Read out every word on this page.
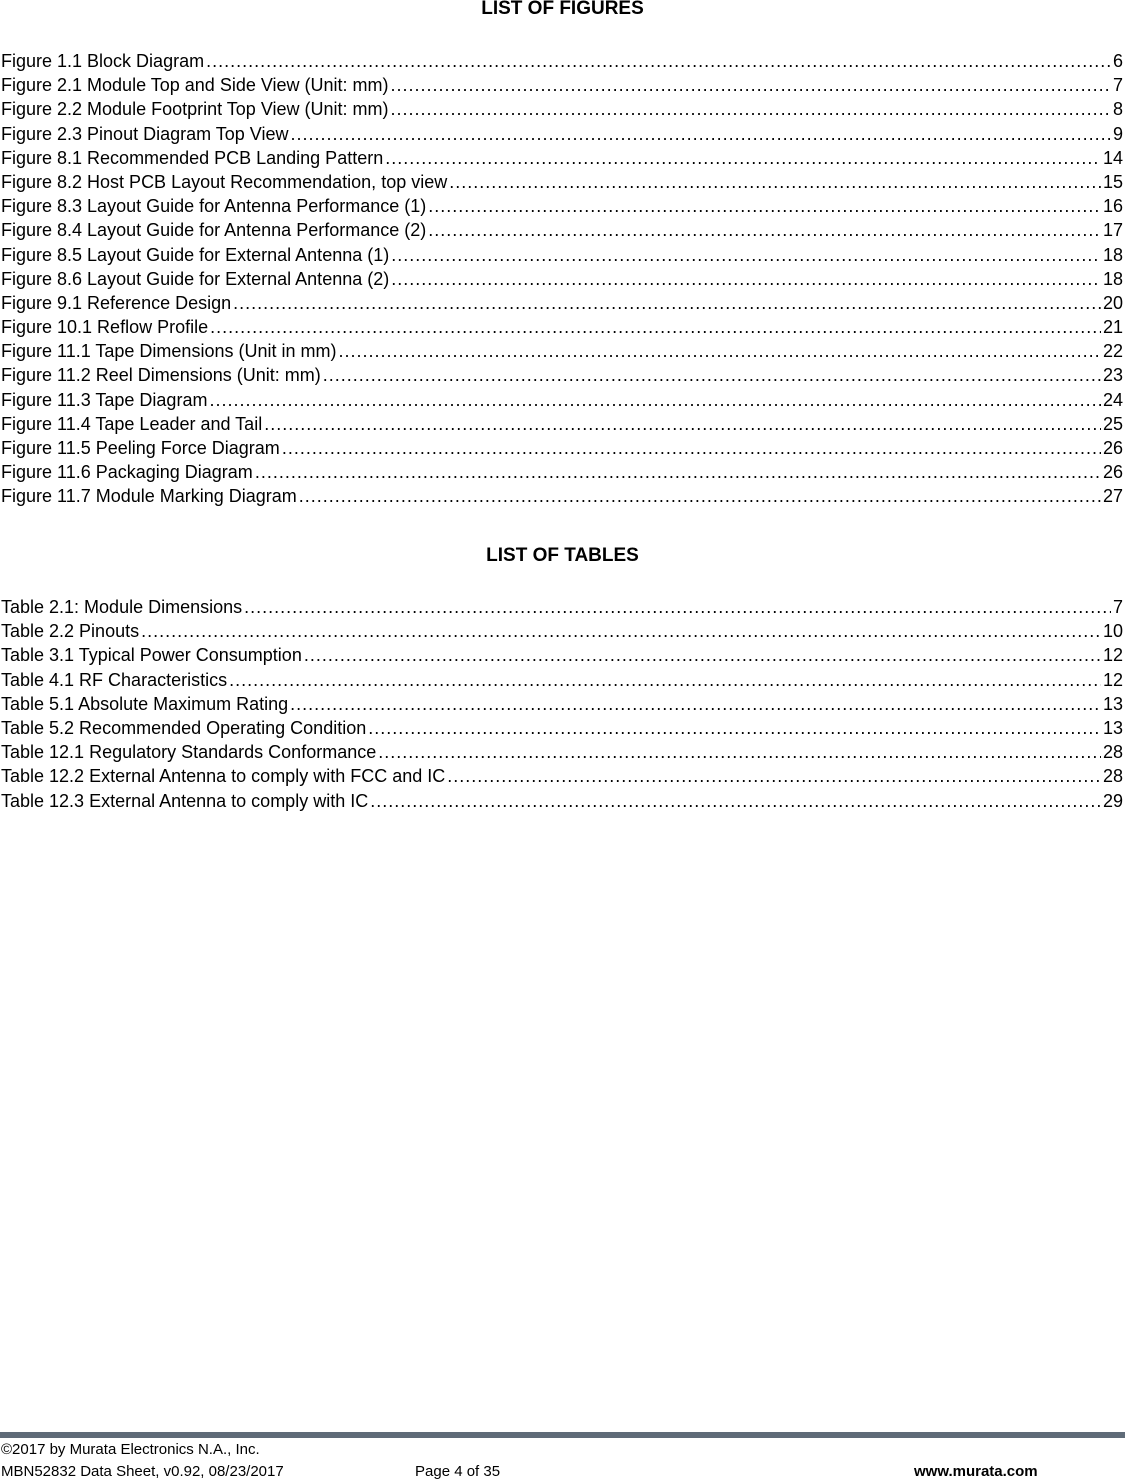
LIST OF FIGURES
Figure 1.1 Block Diagram .....	6
Figure 2.1 Module Top and Side View (Unit: mm) .....	7
Figure 2.2 Module Footprint Top View (Unit: mm) .....	8
Figure 2.3 Pinout Diagram Top View .....	9
Figure 8.1 Recommended PCB Landing Pattern .....	14
Figure 8.2 Host PCB Layout Recommendation, top view .....	15
Figure 8.3 Layout Guide for Antenna Performance (1) .....	16
Figure 8.4 Layout Guide for Antenna Performance (2) .....	17
Figure 8.5 Layout Guide for External Antenna (1) .....	18
Figure 8.6 Layout Guide for External Antenna (2) .....	18
Figure 9.1 Reference Design .....	20
Figure 10.1 Reflow Profile .....	21
Figure 11.1 Tape Dimensions (Unit in mm) .....	22
Figure 11.2 Reel Dimensions (Unit: mm) .....	23
Figure 11.3 Tape Diagram .....	24
Figure 11.4 Tape Leader and Tail .....	25
Figure 11.5 Peeling Force Diagram .....	26
Figure 11.6 Packaging Diagram .....	26
Figure 11.7 Module Marking Diagram .....	27
LIST OF TABLES
Table 2.1: Module Dimensions .....	7
Table 2.2 Pinouts .....	10
Table 3.1 Typical Power Consumption .....	12
Table 4.1 RF Characteristics .....	12
Table 5.1 Absolute Maximum Rating .....	13
Table 5.2 Recommended Operating Condition .....	13
Table 12.1 Regulatory Standards Conformance .....	28
Table 12.2 External Antenna to comply with FCC and IC .....	28
Table 12.3 External Antenna to comply with IC .....	29
©2017 by Murata Electronics N.A., Inc.
MBN52832 Data Sheet, v0.92, 08/23/2017	Page 4 of 35	www.murata.com
